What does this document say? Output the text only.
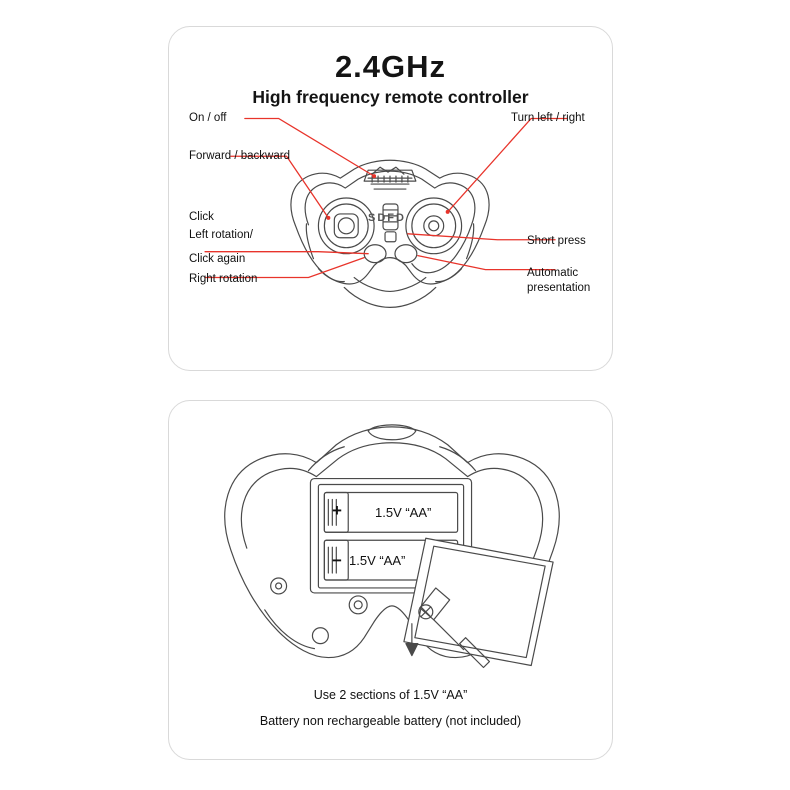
2.4GHz
High frequency remote controller
SDFD
On / off
Forward / backward
Click
Left rotation/
Click again
Right rotation
Turn left / right
Short press
Automatic
presentation
+	1.5V “AA”
− 1.5V “AA”
Use 2 sections of 1.5V “AA”
Battery non rechargeable battery (not included)
